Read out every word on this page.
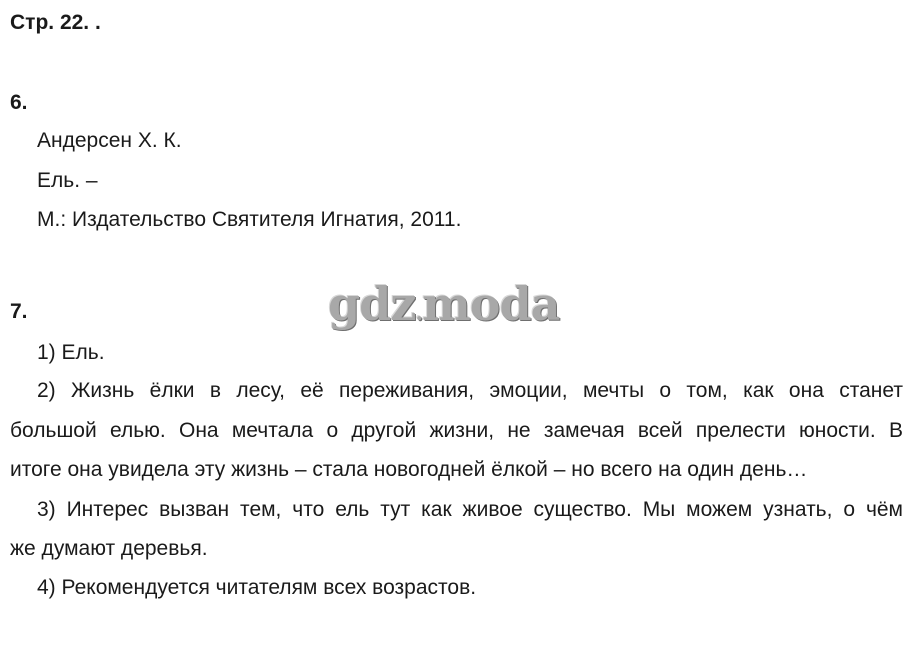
Стр. 22. .
6.
Андерсен Х. К.
Ель. –
М.: Издательство Святителя Игнатия, 2011.
gdz.moda
7.
1) Ель.
2) Жизнь ёлки в лесу, её переживания, эмоции, мечты о том, как она станет
большой елью. Она мечтала о другой жизни, не замечая всей прелести юности. В
итоге она увидела эту жизнь – стала новогодней ёлкой – но всего на один день…
3) Интерес вызван тем, что ель тут как живое существо. Мы можем узнать, о чём
же думают деревья.
4) Рекомендуется читателям всех возрастов.
